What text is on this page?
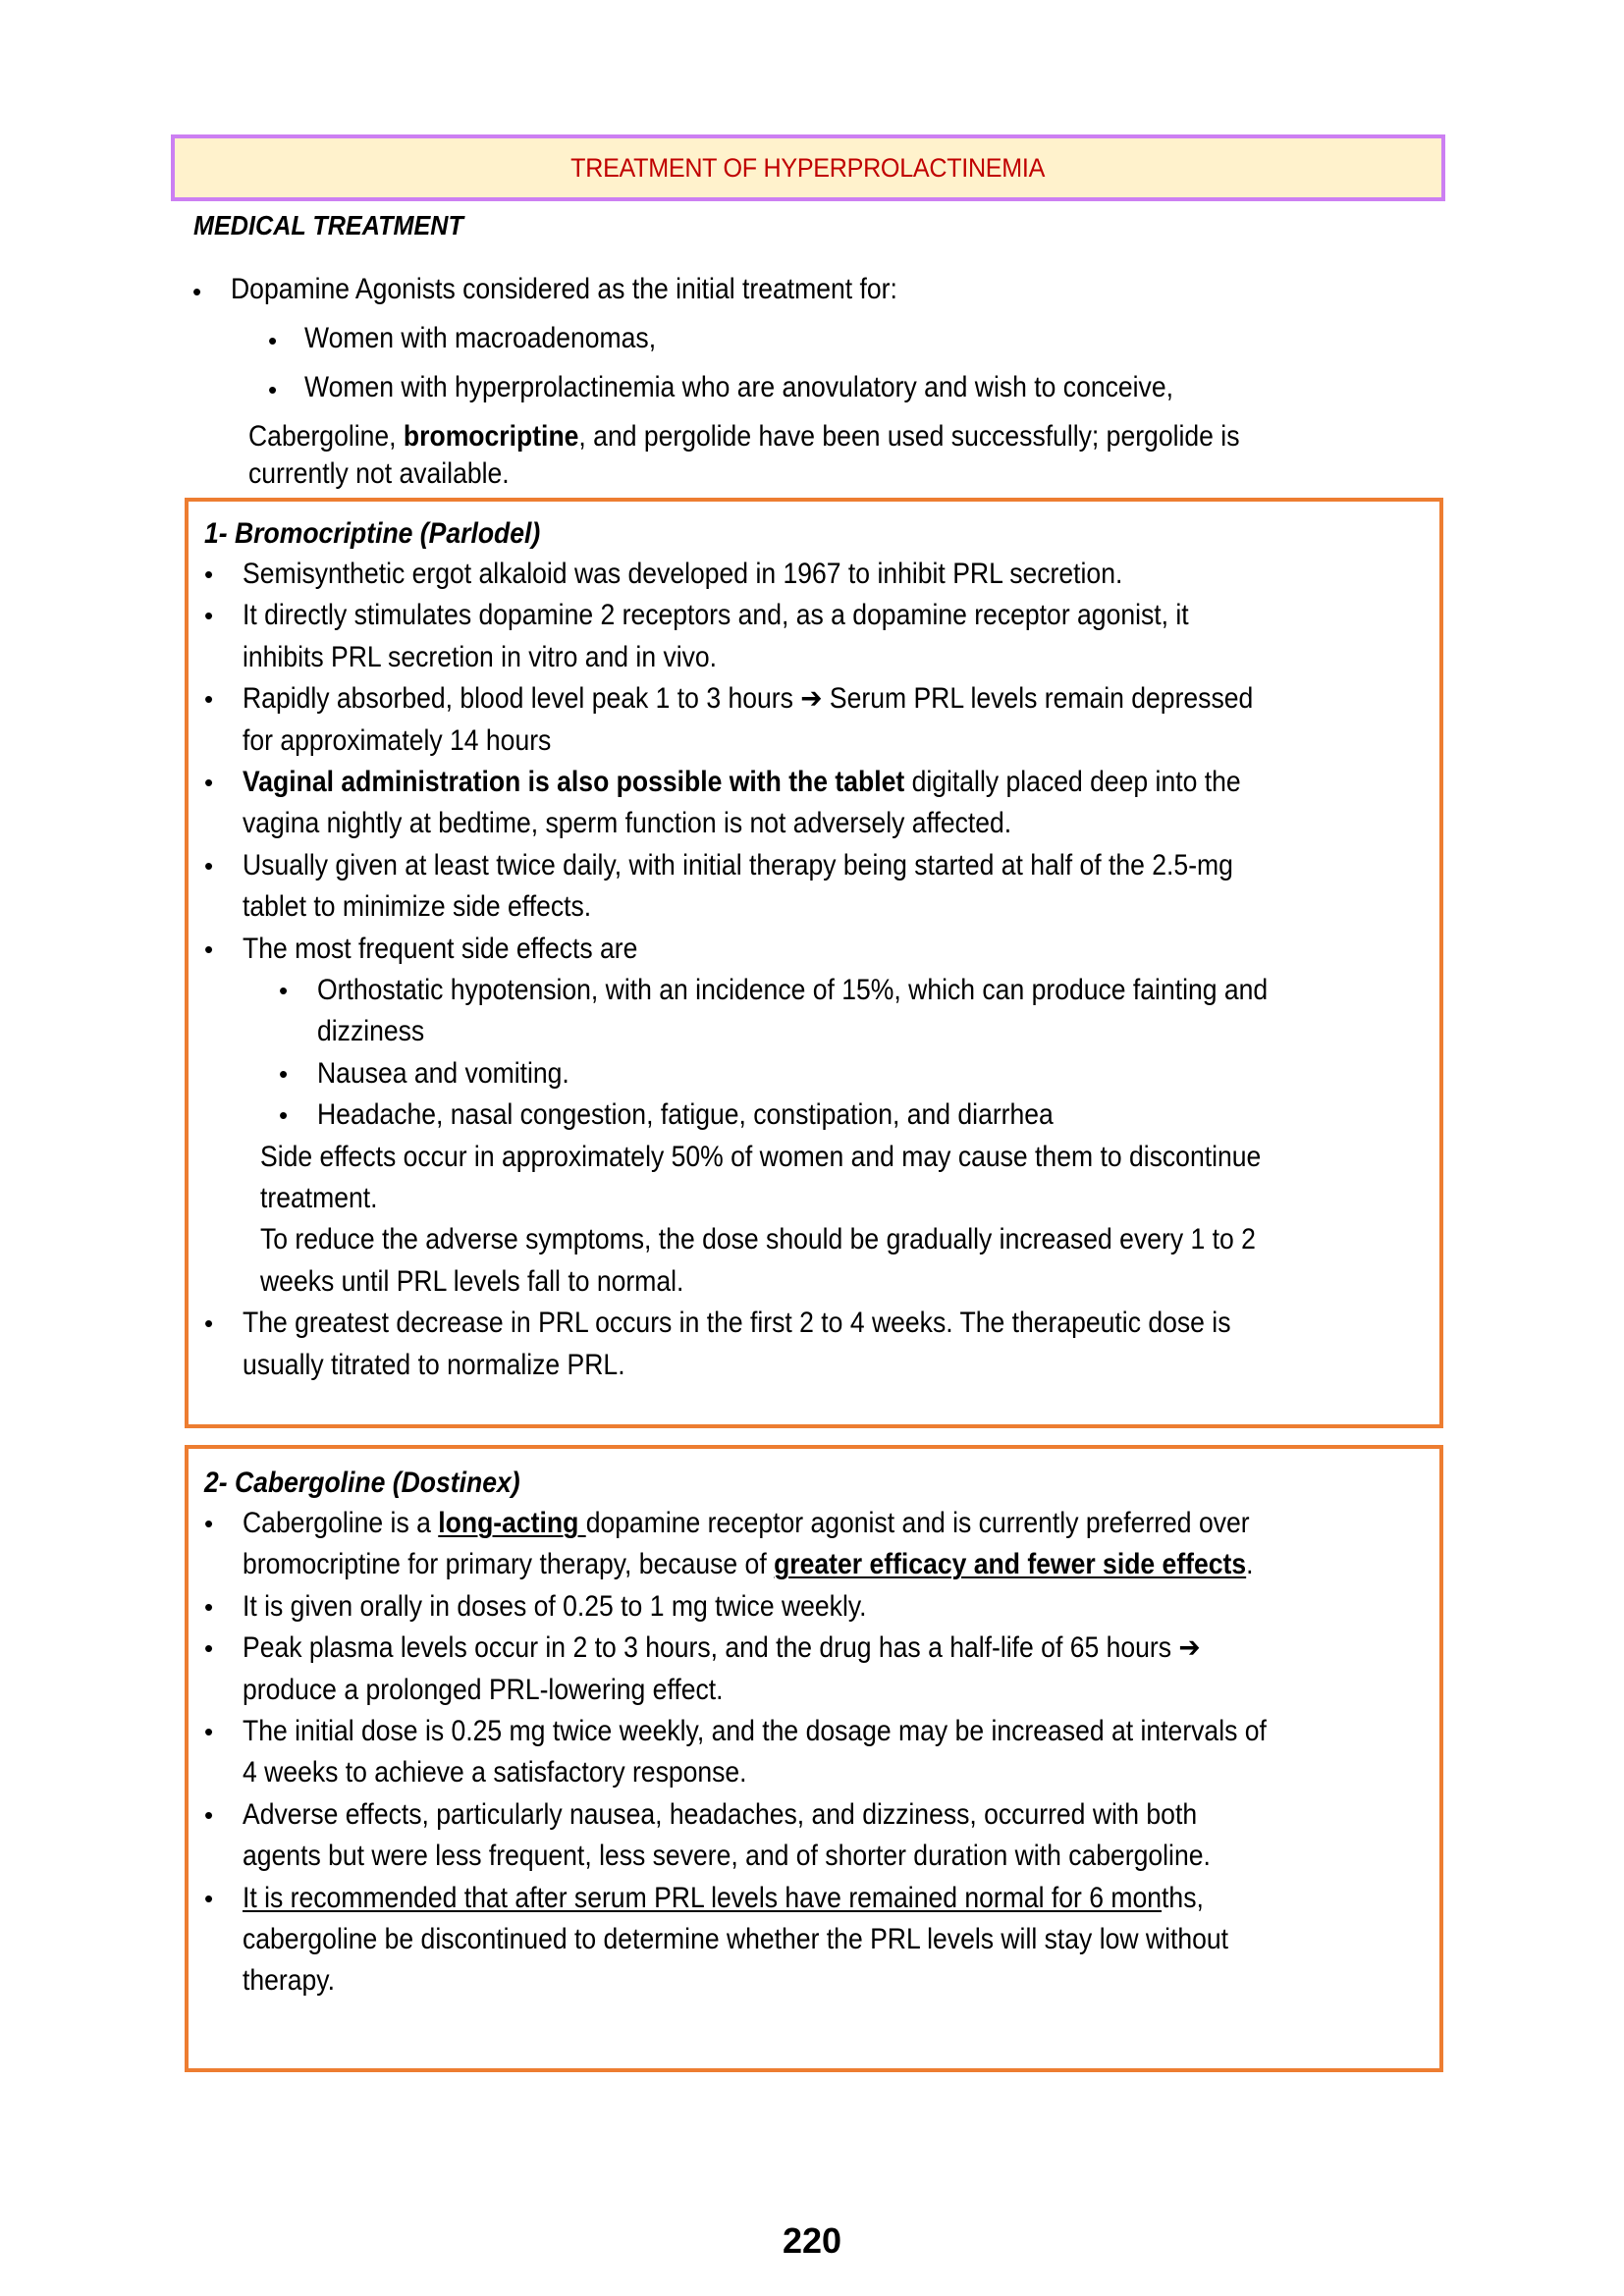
TREATMENT OF HYPERPROLACTINEMIA
MEDICAL TREATMENT
• Dopamine Agonists considered as the initial treatment for:
• Women with macroadenomas,
• Women with hyperprolactinemia who are anovulatory and wish to conceive,
Cabergoline, bromocriptine, and pergolide have been used successfully; pergolide is
currently not available.
1- Bromocriptine (Parlodel)
• Semisynthetic ergot alkaloid was developed in 1967 to inhibit PRL secretion.
• It directly stimulates dopamine 2 receptors and, as a dopamine receptor agonist, it
inhibits PRL secretion in vitro and in vivo.
• Rapidly absorbed, blood level peak 1 to 3 hours ➔ Serum PRL levels remain depressed
for approximately 14 hours
• Vaginal administration is also possible with the tablet digitally placed deep into the
vagina nightly at bedtime, sperm function is not adversely affected.
• Usually given at least twice daily, with initial therapy being started at half of the 2.5-mg
tablet to minimize side effects.
• The most frequent side effects are
• Orthostatic hypotension, with an incidence of 15%, which can produce fainting and
dizziness
• Nausea and vomiting.
• Headache, nasal congestion, fatigue, constipation, and diarrhea
Side effects occur in approximately 50% of women and may cause them to discontinue
treatment.
To reduce the adverse symptoms, the dose should be gradually increased every 1 to 2
weeks until PRL levels fall to normal.
• The greatest decrease in PRL occurs in the first 2 to 4 weeks. The therapeutic dose is
usually titrated to normalize PRL.
2- Cabergoline (Dostinex)
• Cabergoline is a long-acting dopamine receptor agonist and is currently preferred over
bromocriptine for primary therapy, because of greater efficacy and fewer side effects.
• It is given orally in doses of 0.25 to 1 mg twice weekly.
• Peak plasma levels occur in 2 to 3 hours, and the drug has a half-life of 65 hours ➔
produce a prolonged PRL-lowering effect.
• The initial dose is 0.25 mg twice weekly, and the dosage may be increased at intervals of
4 weeks to achieve a satisfactory response.
• Adverse effects, particularly nausea, headaches, and dizziness, occurred with both
agents but were less frequent, less severe, and of shorter duration with cabergoline.
• It is recommended that after serum PRL levels have remained normal for 6 months,
cabergoline be discontinued to determine whether the PRL levels will stay low without
therapy.
220
